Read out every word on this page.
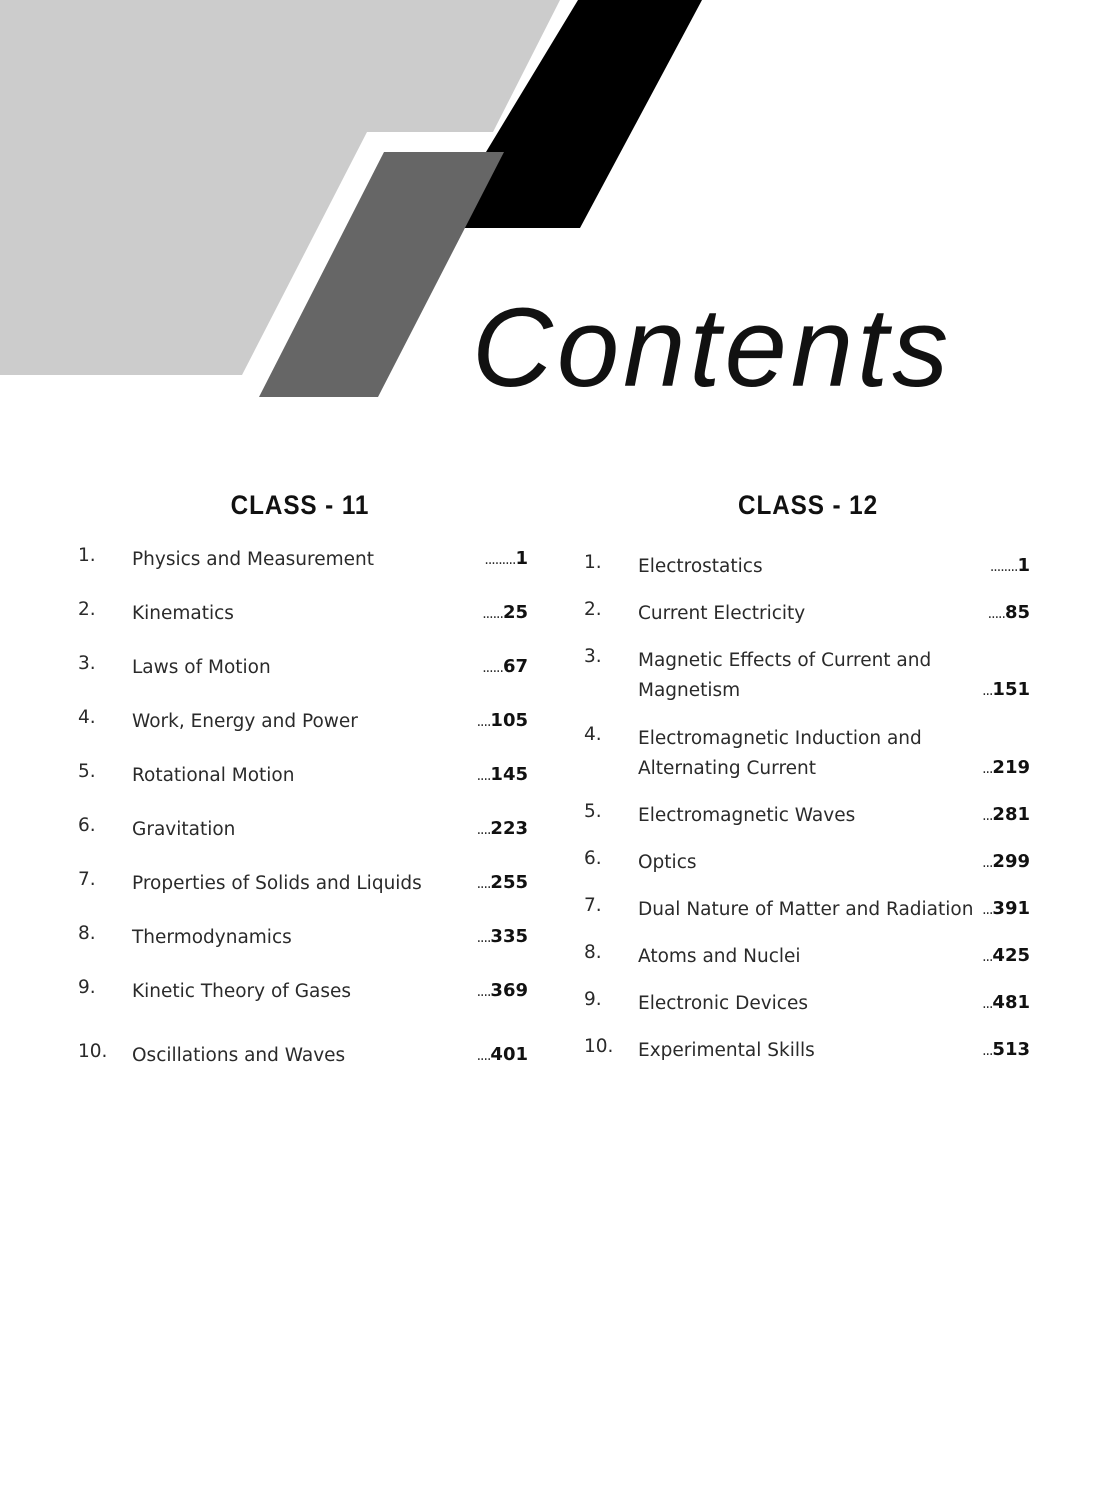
Contents
CLASS - 11	CLASS - 12
1. Physics and Measurement	.........1
2. Kinematics	......25
3. Laws of Motion	......67
4. Work, Energy and Power	....105
5. Rotational Motion	....145
6. Gravitation	....223
7. Properties of Solids and Liquids	....255
8. Thermodynamics	....335
9. Kinetic Theory of Gases	....369
10. Oscillations and Waves	....401
1. Electrostatics	........1
2. Current Electricity	.....85
3. Magnetic Effects of Current and
Magnetism	...151
4. Electromagnetic Induction and
Alternating Current	...219
5. Electromagnetic Waves	...281
6. Optics	...299
7. Dual Nature of Matter and Radiation ...391
8. Atoms and Nuclei	...425
9. Electronic Devices	...481
10. Experimental Skills	...513
